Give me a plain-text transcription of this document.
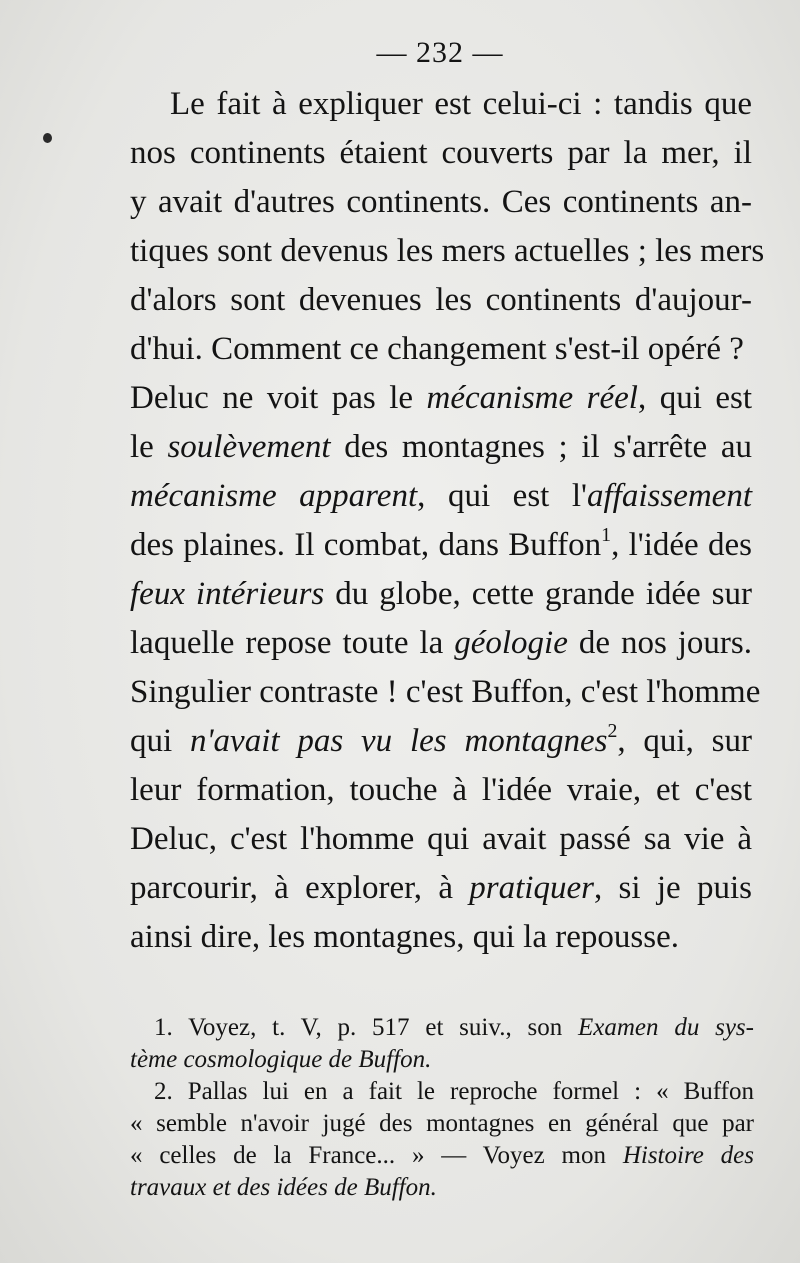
— 232 —
Le fait à expliquer est celui-ci : tandis que
nos continents étaient couverts par la mer, il
y avait d'autres continents. Ces continents an-
tiques sont devenus les mers actuelles ; les mers
d'alors sont devenues les continents d'aujour-
d'hui. Comment ce changement s'est-il opéré ?
Deluc ne voit pas le mécanisme réel, qui est
le soulèvement des montagnes ; il s'arrête au
mécanisme apparent, qui est l'affaissement
des plaines. Il combat, dans Buffon$^1$, l'idée des
feux intérieurs du globe, cette grande idée sur
laquelle repose toute la géologie de nos jours.
Singulier contraste ! c'est Buffon, c'est l'homme
qui n'avait pas vu les montagnes$^2$, qui, sur
leur formation, touche à l'idée vraie, et c'est
Deluc, c'est l'homme qui avait passé sa vie à
parcourir, à explorer, à pratiquer, si je puis
ainsi dire, les montagnes, qui la repousse.
1. Voyez, t. V, p. 517 et suiv., son Examen du sys-
tème cosmologique de Buffon.
2. Pallas lui en a fait le reproche formel : « Buffon
« semble n'avoir jugé des montagnes en général que par
« celles de la France... » — Voyez mon Histoire des
travaux et des idées de Buffon.
